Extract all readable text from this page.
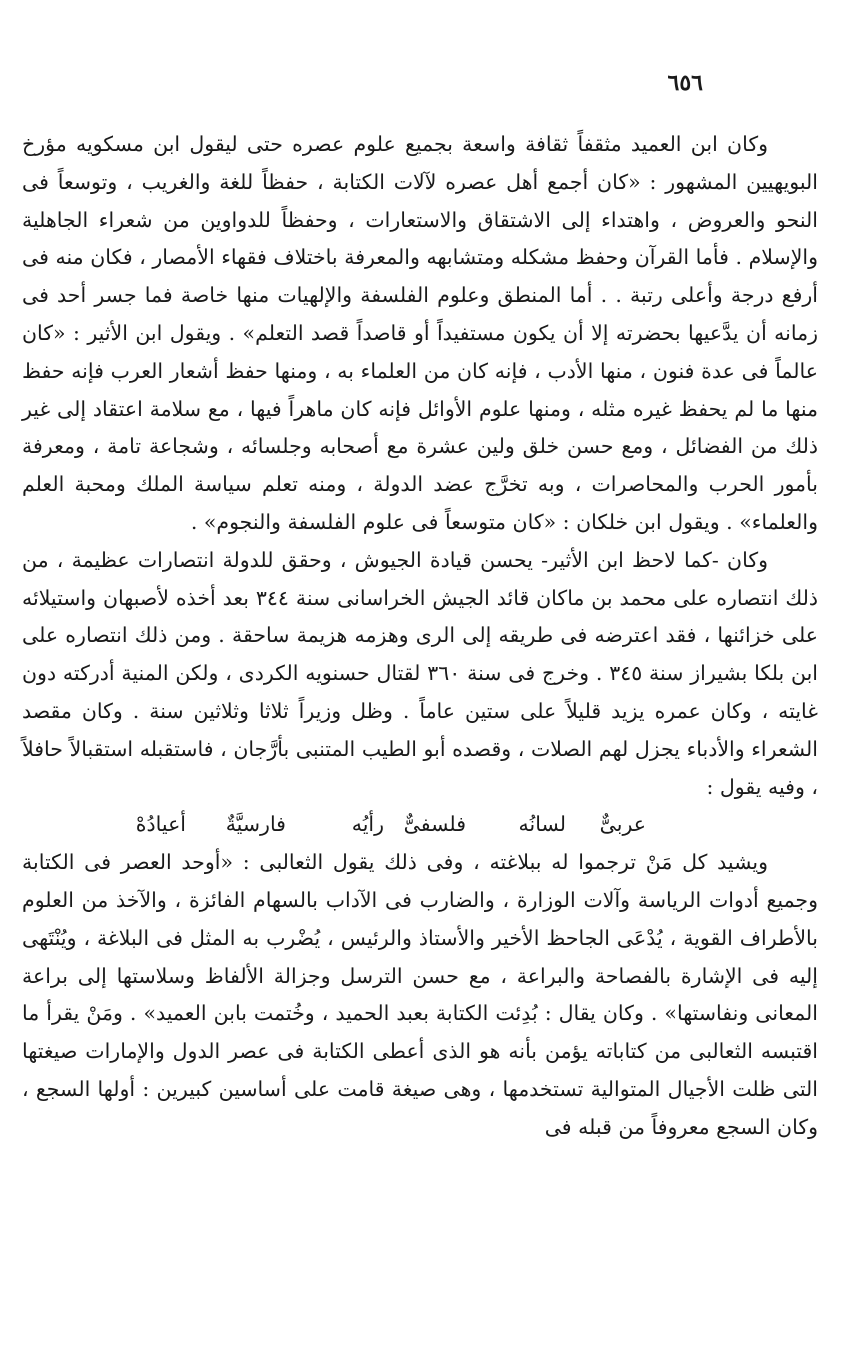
٦٥٦

وكان ابن العميد مثقفاً ثقافة واسعة بجميع علوم عصره حتى ليقول ابن مسكويه مؤرخ البويهيين المشهور : «كان أجمع أهل عصره لآلات الكتابة ، حفظاً للغة والغريب ، وتوسعاً فى النحو والعروض ، واهتداء إلى الاشتقاق والاستعارات ، وحفظاً للدواوين من شعراء الجاهلية والإسلام . فأما القرآن وحفظ مشكله ومتشابهه والمعرفة باختلاف فقهاء الأمصار ، فكان منه فى أرفع درجة وأعلى رتبة . . أما المنطق وعلوم الفلسفة والإلهيات منها خاصة فما جسر أحد فى زمانه أن يدَّعيها بحضرته إلا أن يكون مستفيداً أو قاصداً قصد التعلم» . ويقول ابن الأثير : «كان عالماً فى عدة فنون ، منها الأدب ، فإنه كان من العلماء به ، ومنها حفظ أشعار العرب فإنه حفظ منها ما لم يحفظ غيره مثله ، ومنها علوم الأوائل فإنه كان ماهراً فيها ، مع سلامة اعتقاد إلى غير ذلك من الفضائل ، ومع حسن خلق ولين عشرة مع أصحابه وجلسائه ، وشجاعة تامة ، ومعرفة بأمور الحرب والمحاصرات ، وبه تخرَّج عضد الدولة ، ومنه تعلم سياسة الملك ومحبة العلم والعلماء» . ويقول ابن خلكان : «كان متوسعاً فى علوم الفلسفة والنجوم» .

وكان -كما لاحظ ابن الأثير- يحسن قيادة الجيوش ، وحقق للدولة انتصارات عظيمة ، من ذلك انتصاره على محمد بن ماكان قائد الجيش الخراسانى سنة ٣٤٤ بعد أخذه لأصبهان واستيلائه على خزائنها ، فقد اعترضه فى طريقه إلى الرى وهزمه هزيمة ساحقة . ومن ذلك انتصاره على ابن بلكا بشيراز سنة ٣٤٥ . وخرج فى سنة ٣٦٠ لقتال حسنويه الكردى ، ولكن المنية أدركته دون غايته ، وكان عمره يزيد قليلاً على ستين عاماً . وظل وزيراً ثلاثا وثلاثين سنة . وكان مقصد الشعراء والأدباء يجزل لهم الصلات ، وقصده أبو الطيب المتنبى بأرَّجان ، فاستقبله استقبالاً حافلاً ، وفيه يقول :

عربىٌّ
لسانُه
فلسفىٌّ
رأيُه
فارسيَّةٌ
أعيادُهْ

ويشيد كل مَنْ ترجموا له ببلاغته ، وفى ذلك يقول الثعالبى : «أوحد العصر فى الكتابة وجميع أدوات الرياسة وآلات الوزارة ، والضارب فى الآداب بالسهام الفائزة ، والآخذ من العلوم بالأطراف القوية ، يُدْعَى الجاحظ الأخير والأستاذ والرئيس ، يُضْرب به المثل فى البلاغة ، ويُنْتَهى إليه فى الإشارة بالفصاحة والبراعة ، مع حسن الترسل وجزالة الألفاظ وسلاستها إلى براعة المعانى ونفاستها» . وكان يقال : بُدِئت الكتابة بعبد الحميد ، وخُتمت بابن العميد» . ومَنْ يقرأ ما اقتبسه الثعالبى من كتاباته يؤمن بأنه هو الذى أعطى الكتابة فى عصر الدول والإمارات صيغتها التى ظلت الأجيال المتوالية تستخدمها ، وهى صيغة قامت على أساسين كبيرين : أولها السجع ، وكان السجع معروفاً من قبله فى
